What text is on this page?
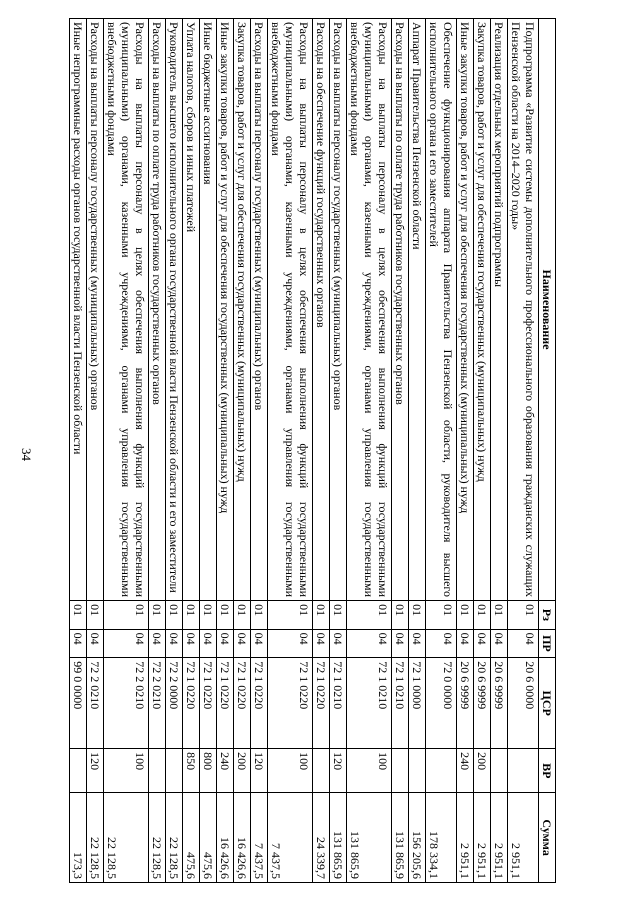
34
Наименование	Рз	ПР	ЦСР	ВР	Сумма
Подпрограмма «Развитие системы дополнительного профессионального образования гражданских служащих Пензенской области на 2014–2020 годы»	01	04	20 6 0000		2 951,1
Реализация отдельных мероприятий подпрограммы	01	04	20 6 9999		2 951,1
Закупка товаров, работ и услуг для обеспечения государственных (муниципальных) нужд	01	04	20 6 9999	200	2 951,1
Иные закупки товаров, работ и услуг для обеспечения государственных (муниципальных) нужд	01	04	20 6 9999	240	2 951,1
Обеспечение функционирования аппарата Правительства Пензенской области, руководителя высшего исполнительного органа и его заместителей	01	04	72 0 0000		178 334,1
Аппарат Правительства Пензенской области	01	04	72 1 0000		156 205,6
Расходы на выплаты по оплате труда работников государственных органов	01	04	72 1 0210		131 865,9
Расходы на выплаты персоналу в целях обеспечения выполнения функций государственными (муниципальными) органами, казенными учреждениями, органами управления государственными внебюджетными фондами	01	04	72 1 0210	100	131 865,9
Расходы на выплаты персоналу государственных (муниципальных) органов	01	04	72 1 0210	120	131 865,9
Расходы на обеспечение функций государственных органов	01	04	72 1 0220		24 339,7
Расходы на выплаты персоналу в целях обеспечения выполнения функций государственными (муниципальными) органами, казенными учреждениями, органами управления государственными внебюджетными фондами	01	04	72 1 0220	100	7 437,5
Расходы на выплаты персоналу государственных (муниципальных) органов	01	04	72 1 0220	120	7 437,5
Закупка товаров, работ и услуг для обеспечения государственных (муниципальных) нужд	01	04	72 1 0220	200	16 426,6
Иные закупки товаров, работ и услуг для обеспечения государственных (муниципальных) нужд	01	04	72 1 0220	240	16 426,6
Иные бюджетные ассигнования	01	04	72 1 0220	800	475,6
Уплата налогов, сборов и иных платежей	01	04	72 1 0220	850	475,6
Руководитель высшего исполнительного органа государственной власти Пензенской области и его заместители	01	04	72 2 0000		22 128,5
Расходы на выплаты по оплате труда работников государственных органов	01	04	72 2 0210		22 128,5
Расходы на выплаты персоналу в целях обеспечения выполнения функций государственными (муниципальными) органами, казенными учреждениями, органами управления государственными внебюджетными фондами	01	04	72 2 0210	100	22 128,5
Расходы на выплаты персоналу государственных (муниципальных) органов	01	04	72 2 0210	120	22 128,5
Иные непрограммные расходы органов государственной власти Пензенской области	01	04	99 0 0000		173,3
